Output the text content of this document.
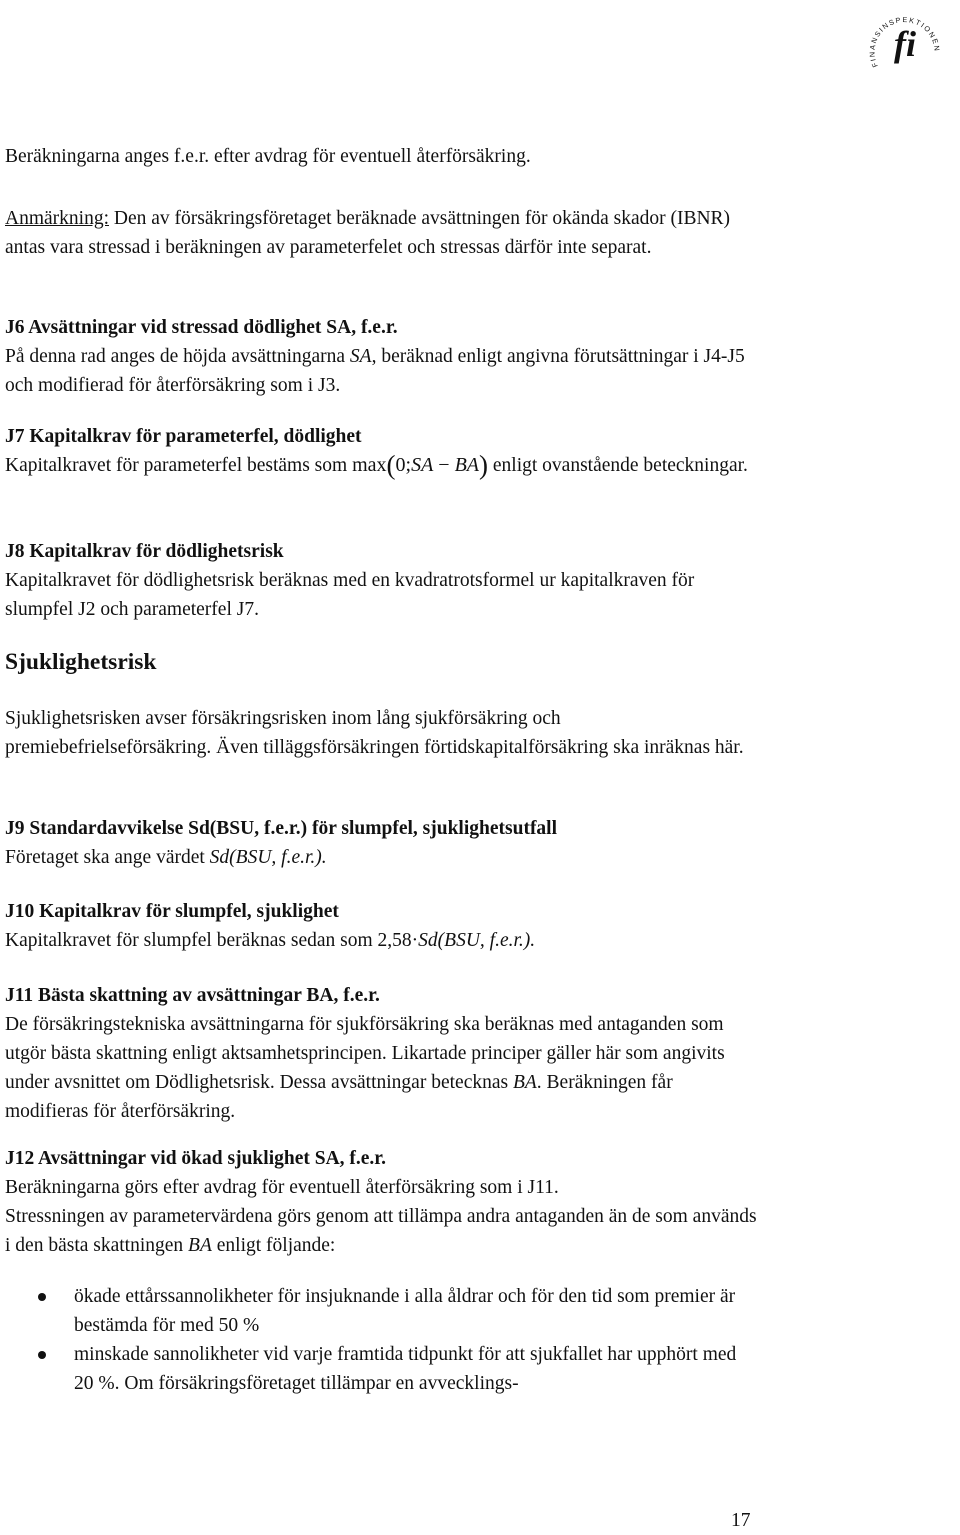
FINANSINSPEKTIONEN
fi

Beräkningarna anges f.e.r. efter avdrag för eventuell återförsäkring.

Anmärkning: Den av försäkringsföretaget beräknade avsättningen för okända skador (IBNR) antas vara stressad i beräkningen av parameterfelet och stressas därför inte separat.

J6 Avsättningar vid stressad dödlighet SA, f.e.r.

På denna rad anges de höjda avsättningarna SA, beräknad enligt angivna förutsättningar i J4-J5 och modifierad för återförsäkring som i J3.

J7 Kapitalkrav för parameterfel, dödlighet

Kapitalkravet för parameterfel bestäms som max(0;SA − BA) enligt ovanstående beteckningar.

J8 Kapitalkrav för dödlighetsrisk

Kapitalkravet för dödlighetsrisk beräknas med en kvadratrotsformel ur kapitalkraven för slumpfel J2 och parameterfel J7.

Sjuklighetsrisk

Sjuklighetsrisken avser försäkringsrisken inom lång sjukförsäkring och premiebefrielseförsäkring. Även tilläggsförsäkringen förtidskapitalförsäkring ska inräknas här.

J9 Standardavvikelse Sd(BSU, f.e.r.) för slumpfel, sjuklighetsutfall

Företaget ska ange värdet Sd(BSU, f.e.r.).

J10 Kapitalkrav för slumpfel, sjuklighet

Kapitalkravet för slumpfel beräknas sedan som 2,58·Sd(BSU, f.e.r.).

J11 Bästa skattning av avsättningar BA, f.e.r.

De försäkringstekniska avsättningarna för sjukförsäkring ska beräknas med antaganden som utgör bästa skattning enligt aktsamhetsprincipen. Likartade principer gäller här som angivits under avsnittet om Dödlighetsrisk. Dessa avsättningar betecknas BA. Beräkningen får modifieras för återförsäkring.

J12 Avsättningar vid ökad sjuklighet SA, f.e.r.

Beräkningarna görs efter avdrag för eventuell återförsäkring som i J11.

Stressningen av parametervärdena görs genom att tillämpa andra antaganden än de som används i den bästa skattningen BA enligt följande:

ökade ettårssannolikheter för insjuknande i alla åldrar och för den tid som premier är bestämda för med 50 %
minskade sannolikheter vid varje framtida tidpunkt för att sjukfallet har upphört med 20 %. Om försäkringsföretaget tillämpar en avvecklings-
17
